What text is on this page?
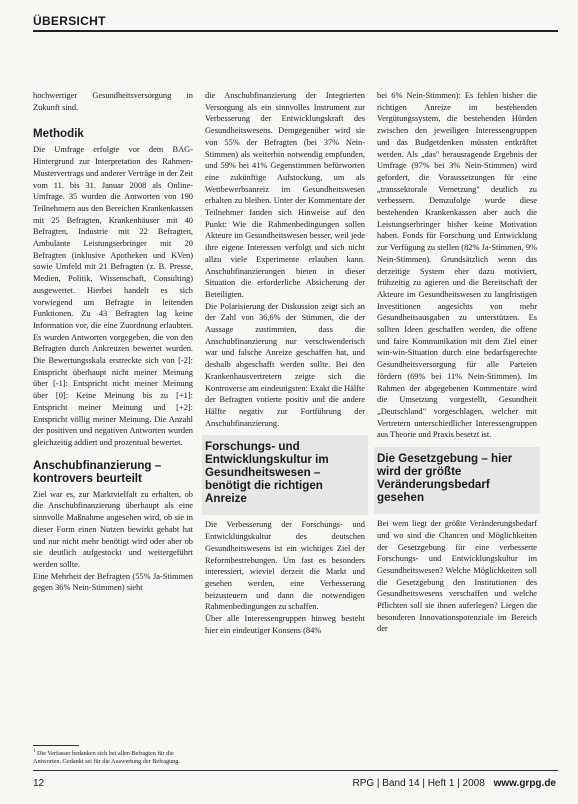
ÜBERSICHT

hochwertiger Gesundheitsversorgung in Zukunft sind.

Methodik

Die Umfrage erfolgte vor dem BAG-Hintergrund zur Interpretation des Rahmen-Mustervertrags und anderer Verträge in der Zeit vom 11. bis 31. Januar 2008 als Online-Umfrage. 35 wurden die Antworten von 190 Teilnehmern aus den Bereichen Krankenkassen mit 25 Befragten, Krankenhäuser mit 40 Befragten, Industrie mit 22 Befragten, Ambulante Leistungserbringer mit 20 Befragten (inklusive Apotheken und KVen) sowie Umfeld mit 21 Befragten (z. B. Presse, Medien, Politik, Wissenschaft, Consulting) ausgewertet. Hierbei handelt es sich vorwiegend um Befragte in leitenden Funktionen. Zu 43 Befragten lag keine Information vor, die eine Zuordnung erlaubten. Es wurden Antworten vorgegeben, die von den Befragten durch Ankreuzen bewertet wurden. Die Bewertungsskala erstreckte sich von [-2]: Entspricht überhaupt nicht meiner Meinung über [-1]: Entspricht nicht meiner Meinung über [0]: Keine Meinung bis zu [+1]: Entspricht meiner Meinung und [+2]: Entspricht völlig meiner Meinung. Die Anzahl der positiven und negativen Antworten wurden gleichzeitig addiert und prozentual bewertet.

Anschubfinanzierung – kontrovers beurteilt

Ziel war es, zur Marktvielfalt zu erhalten, ob die Anschubfinanzierung überhaupt als eine sinnvolle Maßnahme angesehen wird, ob sie in dieser Form einen Nutzen bewirkt gehabt hat und nur nicht mehr benötigt wird oder aber ob sie deutlich aufgestockt und weitergeführt werden sollte.

Eine Mehrheit der Befragten (55% Ja-Stimmen gegen 36% Nein-Stimmen) sieht

die Anschubfinanzierung der Integrierten Versorgung als ein sinnvolles Instrument zur Verbesserung der Entwicklungskraft des Gesundheitswesens. Demgegenüber wird sie von 55% der Befragten (bei 37% Nein-Stimmen) als weiterhin notwendig empfunden, und 59% bei 41% Gegenstimmen befürworten eine zukünftige Aufstockung, um als Wettbewerbsanreiz im Gesundheitswesen erhalten zu bleiben. Unter der Kommentare der Teilnehmer fanden sich Hinweise auf den Punkt: Wie die Rahmenbedingungen sollen Akteure im Gesundheitswesen besser, weil jede ihre eigene Interessen verfolgt und sich nicht allzu viele Experimente erlauben kann. Anschubfinanzierungen bieten in dieser Situation die erforderliche Absicherung der Beteiligten.

Die Polarisierung der Diskussion zeigt sich an der Zahl von 36,6% der Stimmen, die der Aussage zustimmten, dass die Anschubfinanzierung nur verschwenderisch war und falsche Anreize geschaffen hat, und deshalb abgeschafft werden sollte. Bei den Krankenhausvertretern zeigte sich die Kontroverse am eindeutigsten: Exakt die Hälfte der Befragten votierte positiv und die andere Hälfte negativ zur Fortführung der Anschubfinanzierung.

Forschungs- und Entwicklungskultur im Gesundheitswesen – benötigt die richtigen Anreize

Die Verbesserung der Forschungs- und Entwicklungskultur des deutschen Gesundheitswesens ist ein wichtiges Ziel der Reformbestrebungen. Um fast es besonders interessiert, wieviel derzeit die Markt und gesehen werden, eine Verbesserung beizusteuern und dann die notwendigen Rahmenbedingungen zu schaffen.

Über alle Interessengruppen hinweg besteht hier ein eindeutiger Konsens (84%

bei 6% Nein-Stimmen): Es fehlen bisher die richtigen Anreize im bestehenden Vergütungssystem, die bestehenden Hürden zwischen den jeweiligen Interessengruppen und das Budgetdenken müssten entkräftet werden. Als „das" herausragende Ergebnis der Umfrage (97% bei 3% Nein-Stimmen) wird gefordert, die Voraussetzungen für eine „transsektorale Vernetzung" deutlich zu verbessern. Demzufolge wurde diese bestehenden Krankenkassen aber auch die Leistungserbringer bisher keine Motivation haben. Fonds für Forschung und Entwicklung zur Verfügung zu stellen (82% Ja-Stimmen, 9% Nein-Stimmen). Grundsätzlich wenn das derzeitige System eher dazu motiviert, frühzeitig zu agieren und die Bereitschaft der Akteure im Gesundheitswesen zu langfristigen Investitionen angesichts von mehr Gesundheitsausgaben zu unterstützen. Es sollten Ideen geschaffen werden, die offene und faire Kommunikation mit dem Ziel einer win-win-Situation durch eine bedarfsgerechte Gesundheitsversorgung für alle Parteien fördern (69% bei 11% Nein-Stimmen). Im Rahmen der abgegebenen Kommentare wird die Umsetzung vorgestellt, Gesundheit „Deutschland" vorgeschlagen, welcher mit Vertretern unterschiedlicher Interessengruppen aus Theorie und Praxis besetzt ist.

Die Gesetzgebung – hier wird der größte Veränderungsbedarf gesehen

Bei wem liegt der größte Veränderungsbedarf und wo sind die Chancen und Möglichkeiten der Gesetzgebung für eine verbesserte Forschungs- und Entwicklungskultur im Gesundheitswesen? Welche Möglichkeiten soll die Gesetzgebung den Institutionen des Gesundheitswesens verschaffen und welche Pflichten soll sie ihnen auferlegen? Liegen die besonderen Innovationspotenziale im Bereich der

$^1$ Die Verfasser bedanken sich bei allen Befragten für die Antworten. Gedankt sei für die Auswertung der Befragung.
12	RPG | Band 14 | Heft 1 | 2008 www.grpg.de
